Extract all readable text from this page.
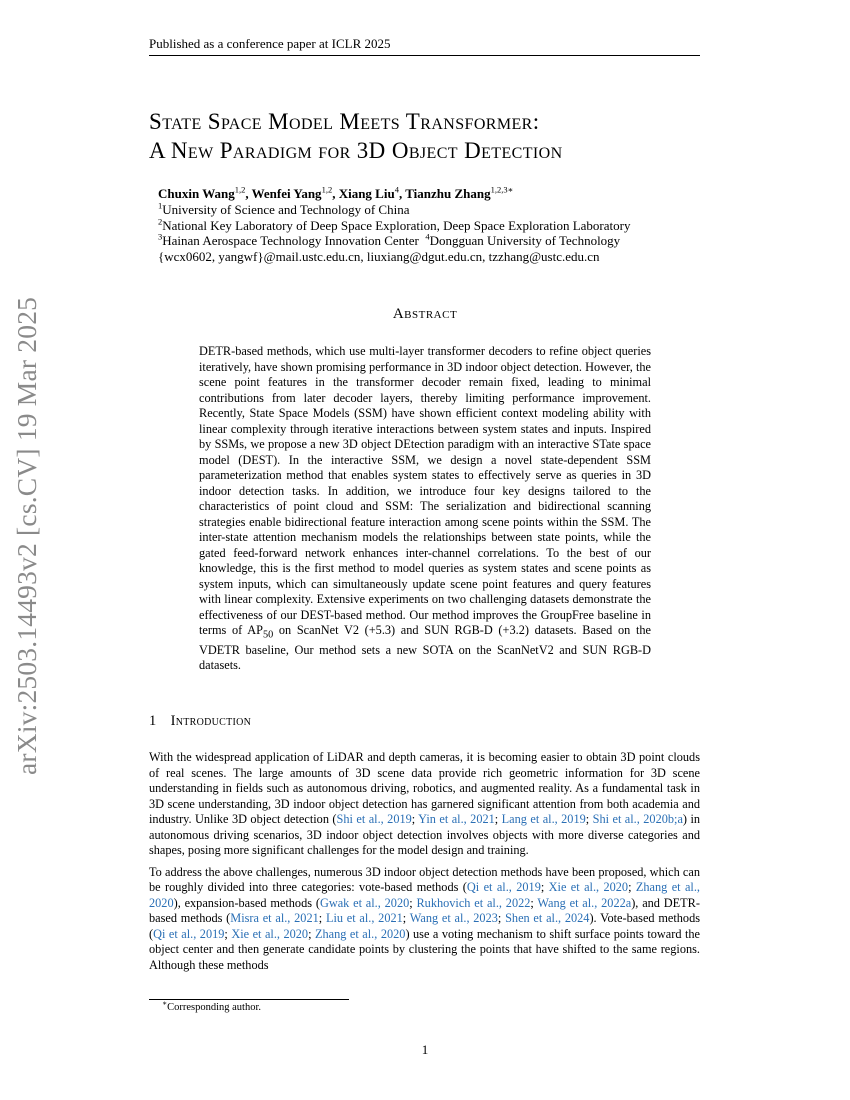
Published as a conference paper at ICLR 2025
arXiv:2503.14493v2 [cs.CV] 19 Mar 2025
State Space Model Meets Transformer:
A New Paradigm for 3D Object Detection
Chuxin Wang$^{1,2}$, Wenfei Yang$^{1,2}$, Xiang Liu$^4$, Tianzhu Zhang$^{1,2,3∗}$
$^1$University of Science and Technology of China
$^2$National Key Laboratory of Deep Space Exploration, Deep Space Exploration Laboratory
$^3$Hainan Aerospace Technology Innovation Center $^4$Dongguan University of Technology
{wcx0602, yangwf}@mail.ustc.edu.cn, liuxiang@dgut.edu.cn, tzzhang@ustc.edu.cn
Abstract
DETR-based methods, which use multi-layer transformer decoders to refine object queries iteratively, have shown promising performance in 3D indoor object detection. However, the scene point features in the transformer decoder remain fixed, leading to minimal contributions from later decoder layers, thereby limiting performance improvement. Recently, State Space Models (SSM) have shown efficient context modeling ability with linear complexity through iterative interactions between system states and inputs. Inspired by SSMs, we propose a new 3D object DEtection paradigm with an interactive STate space model (DEST). In the interactive SSM, we design a novel state-dependent SSM parameterization method that enables system states to effectively serve as queries in 3D indoor detection tasks. In addition, we introduce four key designs tailored to the characteristics of point cloud and SSM: The serialization and bidirectional scanning strategies enable bidirectional feature interaction among scene points within the SSM. The inter-state attention mechanism models the relationships between state points, while the gated feed-forward network enhances inter-channel correlations. To the best of our knowledge, this is the first method to model queries as system states and scene points as system inputs, which can simultaneously update scene point features and query features with linear complexity. Extensive experiments on two challenging datasets demonstrate the effectiveness of our DEST-based method. Our method improves the GroupFree baseline in terms of $AP_{50}$ on ScanNet V2 (+5.3) and SUN RGB-D (+3.2) datasets. Based on the VDETR baseline, Our method sets a new SOTA on the ScanNetV2 and SUN RGB-D datasets.
1 Introduction

With the widespread application of LiDAR and depth cameras, it is becoming easier to obtain 3D point clouds of real scenes. The large amounts of 3D scene data provide rich geometric information for 3D scene understanding in fields such as autonomous driving, robotics, and augmented reality. As a fundamental task in 3D scene understanding, 3D indoor object detection has garnered significant attention from both academia and industry. Unlike 3D object detection (Shi et al., 2019; Yin et al., 2021; Lang et al., 2019; Shi et al., 2020b;a) in autonomous driving scenarios, 3D indoor object detection involves objects with more diverse categories and shapes, posing more significant challenges for the model design and training.

To address the above challenges, numerous 3D indoor object detection methods have been proposed, which can be roughly divided into three categories: vote-based methods (Qi et al., 2019; Xie et al., 2020; Zhang et al., 2020), expansion-based methods (Gwak et al., 2020; Rukhovich et al., 2022; Wang et al., 2022a), and DETR-based methods (Misra et al., 2021; Liu et al., 2021; Wang et al., 2023; Shen et al., 2024). Vote-based methods (Qi et al., 2019; Xie et al., 2020; Zhang et al., 2020) use a voting mechanism to shift surface points toward the object center and then generate candidate points by clustering the points that have shifted to the same regions. Although these methods

∗Corresponding author.
1
